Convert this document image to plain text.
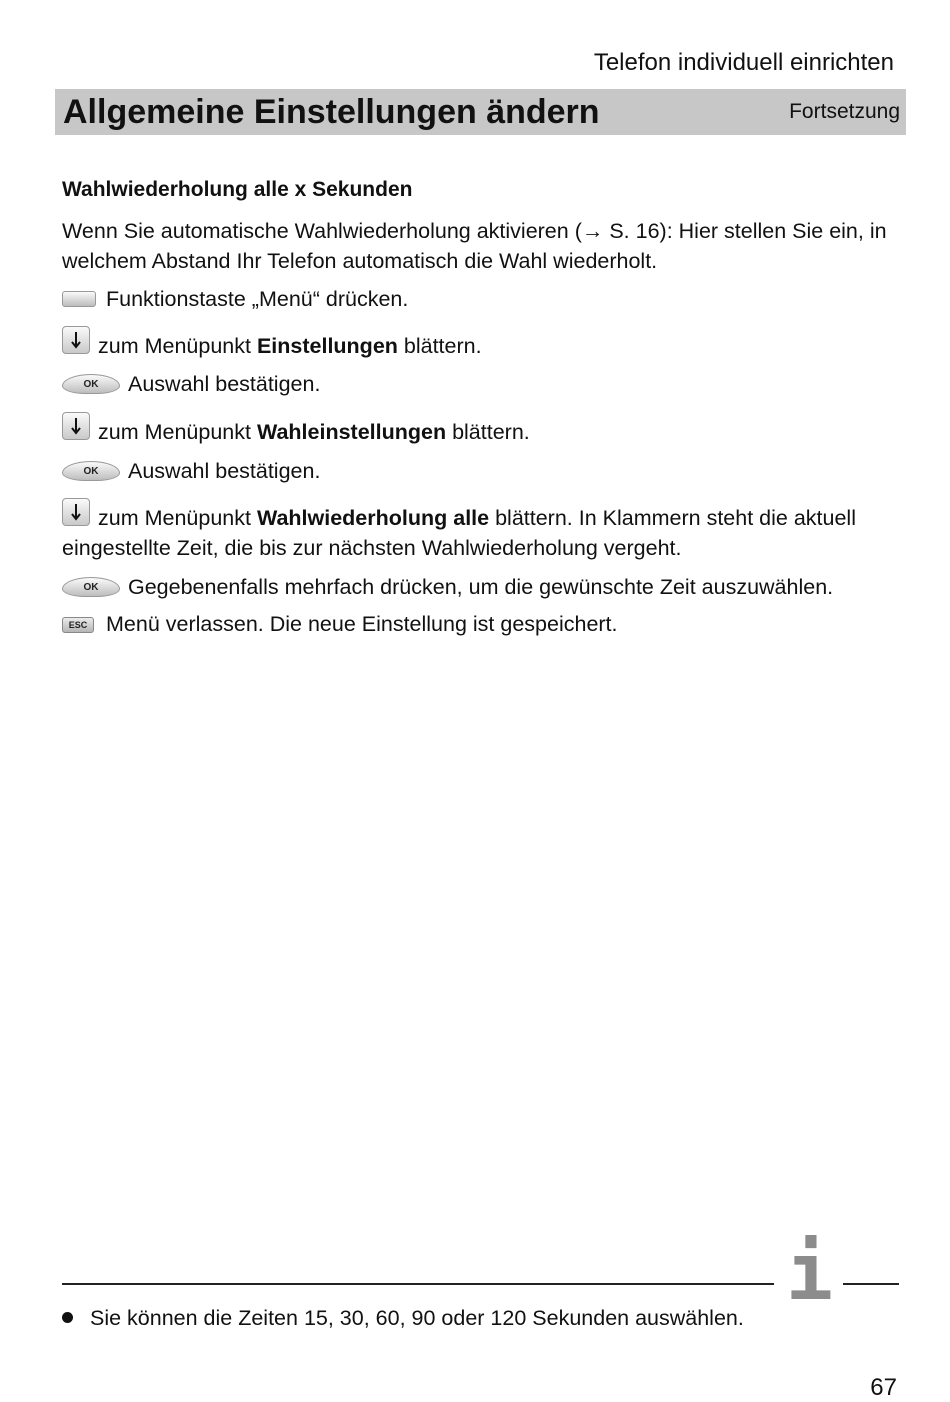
Telefon individuell einrichten
Allgemeine Einstellungen ändern	Fortsetzung
Wahlwiederholung alle x Sekunden
Wenn Sie automatische Wahlwiederholung aktivieren (→ S. 16): Hier stellen Sie ein, in welchem Abstand Ihr Telefon automatisch die Wahl wiederholt.
Funktionstaste „Menü“ drücken.
zum Menüpunkt Einstellungen blättern.
OK	Auswahl bestätigen.
zum Menüpunkt Wahleinstellungen blättern.
OK	Auswahl bestätigen.
zum Menüpunkt Wahlwiederholung alle blättern. In Klammern steht die aktuell eingestellte Zeit, die bis zur nächsten Wahlwiederholung vergeht.
OK	Gegebenenfalls mehrfach drücken, um die gewünschte Zeit auszuwählen.
ESC Menü verlassen. Die neue Einstellung ist gespeichert.
i
Sie können die Zeiten 15, 30, 60, 90 oder 120 Sekunden auswählen.
67
